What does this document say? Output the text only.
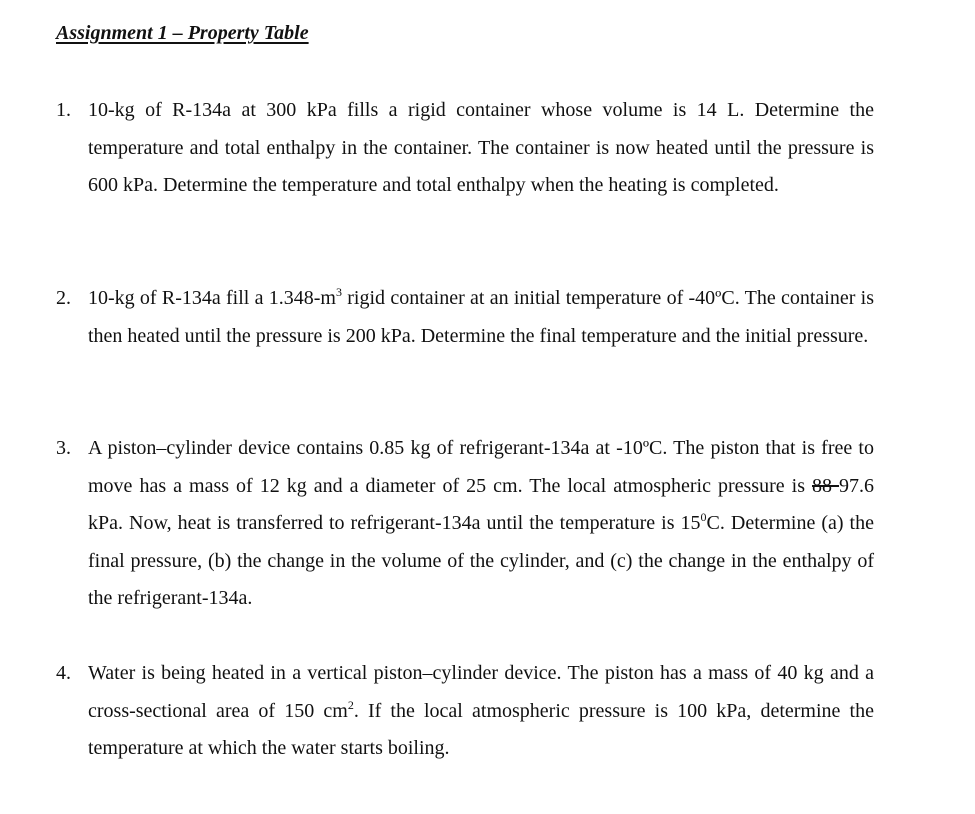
Assignment 1 – Property Table
1. 10-kg of R-134a at 300 kPa fills a rigid container whose volume is 14 L. Determine the temperature and total enthalpy in the container. The container is now heated until the pressure is 600 kPa. Determine the temperature and total enthalpy when the heating is completed.
2. 10-kg of R-134a fill a $1.348-m^3$ rigid container at an initial temperature of -40ºC. The container is then heated until the pressure is 200 kPa. Determine the final temperature and the initial pressure.
3. A piston–cylinder device contains 0.85 kg of refrigerant-134a at -10ºC. The piston that is free to move has a mass of 12 kg and a diameter of 25 cm. The local atmospheric pressure is 88 97.6 kPa. Now, heat is transferred to refrigerant-134a until the temperature is $15^0C$. Determine (a) the final pressure, (b) the change in the volume of the cylinder, and (c) the change in the enthalpy of the refrigerant-134a.
4. Water is being heated in a vertical piston–cylinder device. The piston has a mass of 40 kg and a cross-sectional area of 150 $cm^2$. If the local atmospheric pressure is 100 kPa, determine the temperature at which the water starts boiling.
